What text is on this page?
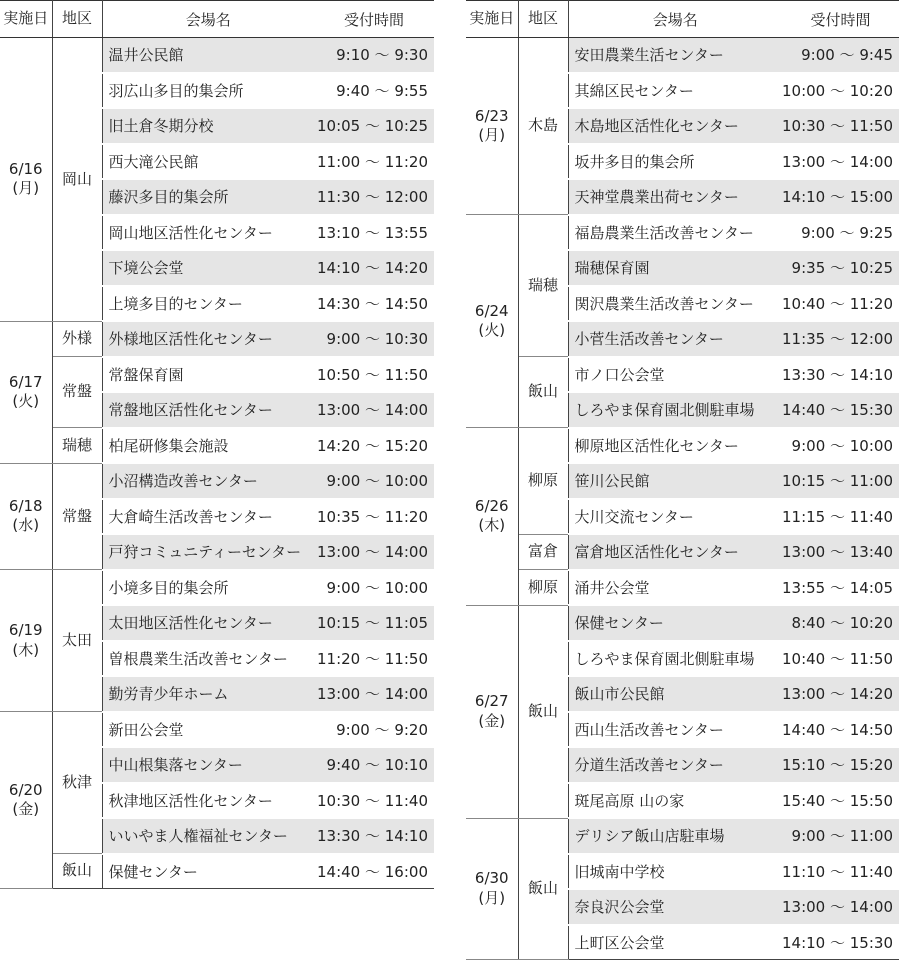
実施日	地区	会場名	受付時間

6/16
(月)	岡山	温井公民館	9:10 ～ 9:30
		羽広山多目的集会所	9:40 ～ 9:55
		旧土倉冬期分校	10:05 ～ 10:25
		西大滝公民館	11:00 ～ 11:20
		藤沢多目的集会所	11:30 ～ 12:00
		岡山地区活性化センター	13:10 ～ 13:55
		下境公会堂	14:10 ～ 14:20
		上境多目的センター	14:30 ～ 14:50

6/17
(火)	外様	外様地区活性化センター	9:00 ～ 10:30
	常盤	常盤保育園	10:50 ～ 11:50
		常盤地区活性化センター	13:00 ～ 14:00
	瑞穂	柏尾研修集会施設	14:20 ～ 15:20

6/18
(水)	常盤	小沼構造改善センター	9:00 ～ 10:00
		大倉崎生活改善センター	10:35 ～ 11:20
		戸狩コミュニティーセンター	13:00 ～ 14:00

6/19
(木)	太田	小境多目的集会所	9:00 ～ 10:00
		太田地区活性化センター	10:15 ～ 11:05
		曽根農業生活改善センター	11:20 ～ 11:50
		勤労青少年ホーム	13:00 ～ 14:00

6/20
(金)	秋津	新田公会堂	9:00 ～ 9:20
		中山根集落センター	9:40 ～ 10:10
		秋津地区活性化センター	10:30 ～ 11:40
		いいやま人権福祉センター	13:30 ～ 14:10
	飯山	保健センター	14:40 ～ 16:00
実施日	地区	会場名	受付時間

6/23
(月)	木島	安田農業生活センター	9:00 ～ 9:45
		其綿区民センター	10:00 ～ 10:20
		木島地区活性化センター	10:30 ～ 11:50
		坂井多目的集会所	13:00 ～ 14:00
		天神堂農業出荷センター	14:10 ～ 15:00

6/24
(火)	瑞穂	福島農業生活改善センター	9:00 ～ 9:25
		瑞穂保育園	9:35 ～ 10:25
		関沢農業生活改善センター	10:40 ～ 11:20
		小菅生活改善センター	11:35 ～ 12:00
	飯山	市ノ口公会堂	13:30 ～ 14:10
		しろやま保育園北側駐車場	14:40 ～ 15:30

6/26
(木)	柳原	柳原地区活性化センター	9:00 ～ 10:00
		笹川公民館	10:15 ～ 11:00
		大川交流センター	11:15 ～ 11:40
	富倉	富倉地区活性化センター	13:00 ～ 13:40
	柳原	涌井公会堂	13:55 ～ 14:05

6/27
(金)	飯山	保健センター	8:40 ～ 10:20
		しろやま保育園北側駐車場	10:40 ～ 11:50
		飯山市公民館	13:00 ～ 14:20
		西山生活改善センター	14:40 ～ 14:50
		分道生活改善センター	15:10 ～ 15:20
		斑尾高原 山の家	15:40 ～ 15:50

6/30
(月)	飯山	デリシア飯山店駐車場	9:00 ～ 11:00
		旧城南中学校	11:10 ～ 11:40
		奈良沢公会堂	13:00 ～ 14:00
		上町区公会堂	14:10 ～ 15:30
